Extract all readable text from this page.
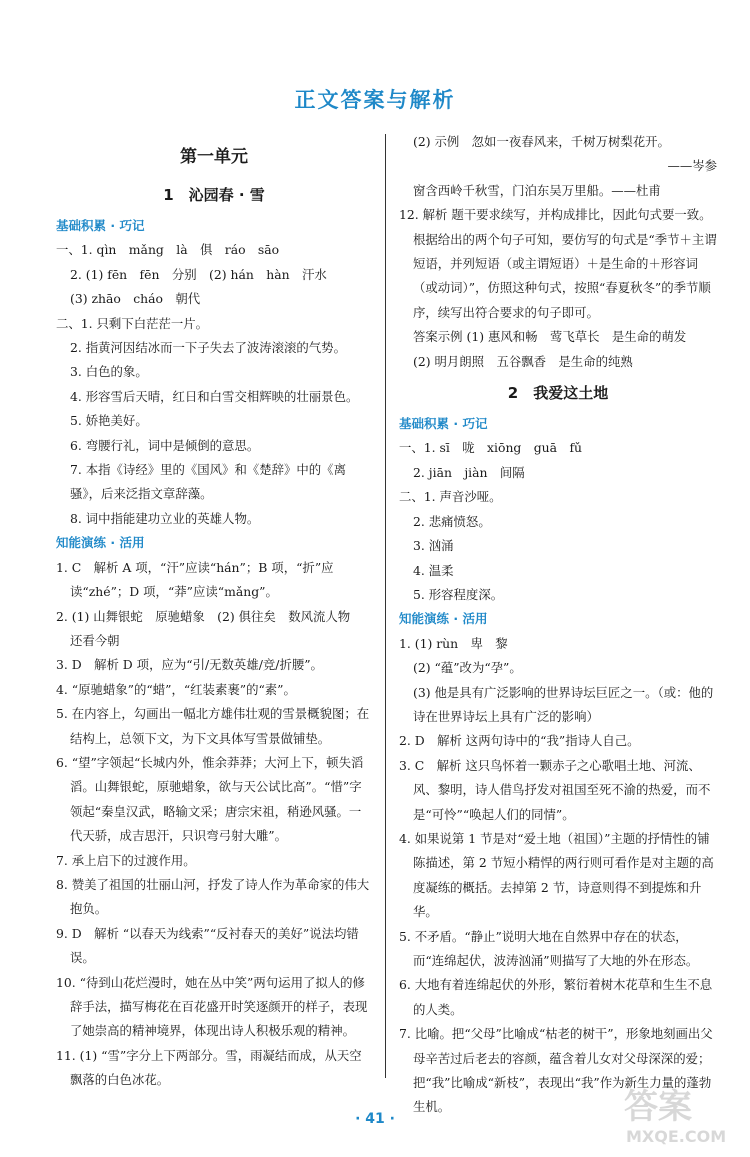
正文答案与解析
第一单元
1　沁园春 · 雪
基础积累 · 巧记
一、1. qìn　mǎng　là　俱　ráo　sāo
2. (1) fēn　fēn　分别　(2) hán　hàn　汗水
(3) zhāo　cháo　朝代
二、1. 只剩下白茫茫一片。
2. 指黄河因结冰而一下子失去了波涛滚滚的气势。
3. 白色的象。
4. 形容雪后天晴，红日和白雪交相辉映的壮丽景色。
5. 娇艳美好。
6. 弯腰行礼，词中是倾倒的意思。
7. 本指《诗经》里的《国风》和《楚辞》中的《离骚》，后来泛指文章辞藻。
8. 词中指能建功立业的英雄人物。
知能演练 · 活用
1. C　解析 A 项，“汗”应读“hán”；B 项，“折”应读“zhé”；D 项，“莽”应读“mǎng”。
2. (1) 山舞银蛇　原驰蜡象　(2) 俱往矣　数风流人物　还看今朝
3. D　解析 D 项，应为“引/无数英雄/竞/折腰”。
4. “原驰蜡象”的“蜡”，“红装素裹”的“素”。
5. 在内容上，勾画出一幅北方雄伟壮观的雪景概貌图；在结构上，总领下文，为下文具体写雪景做铺垫。
6. “望”字领起“长城内外，惟余莽莽；大河上下，顿失滔滔。山舞银蛇，原驰蜡象，欲与天公试比高”。“惜”字领起“秦皇汉武，略输文采；唐宗宋祖，稍逊风骚。一代天骄，成吉思汗，只识弯弓射大雕”。
7. 承上启下的过渡作用。
8. 赞美了祖国的壮丽山河，抒发了诗人作为革命家的伟大抱负。
9. D　解析 “以春天为线索”“反衬春天的美好”说法均错误。
10. “待到山花烂漫时，她在丛中笑”两句运用了拟人的修辞手法，描写梅花在百花盛开时笑逐颜开的样子，表现了她崇高的精神境界，体现出诗人积极乐观的精神。
11. (1) “雪”字分上下两部分。雪，雨凝结而成，从天空飘落的白色冰花。
(2) 示例　忽如一夜春风来，千树万树梨花开。
——岑参
窗含西岭千秋雪，门泊东吴万里船。——杜甫
12. 解析 题干要求续写，并构成排比，因此句式要一致。根据给出的两个句子可知，要仿写的句式是“季节＋主谓短语，并列短语（或主谓短语）＋是生命的＋形容词（或动词）”，仿照这种句式，按照“春夏秋冬”的季节顺序，续写出符合要求的句子即可。
答案示例 (1) 惠风和畅　莺飞草长　是生命的萌发
(2) 明月朗照　五谷飘香　是生命的纯熟
2　我爱这土地
基础积累 · 巧记
一、1. sī　咙　xiōng　guā　fǔ
2. jiān　jiàn　间隔
二、1. 声音沙哑。
2. 悲痛愤怒。
3. 汹涌
4. 温柔
5. 形容程度深。
知能演练 · 活用
1. (1) rùn　卑　黎
(2) “蕴”改为“孕”。
(3) 他是具有广泛影响的世界诗坛巨匠之一。（或：他的诗在世界诗坛上具有广泛的影响）
2. D　解析 这两句诗中的“我”指诗人自己。
3. C　解析 这只鸟怀着一颗赤子之心歌唱土地、河流、风、黎明，诗人借鸟抒发对祖国至死不渝的热爱，而不是“可怜”“唤起人们的同情”。
4. 如果说第 1 节是对“爱土地（祖国）”主题的抒情性的铺陈描述，第 2 节短小精悍的两行则可看作是对主题的高度凝练的概括。去掉第 2 节，诗意则得不到提炼和升华。
5. 不矛盾。“静止”说明大地在自然界中存在的状态，而“连绵起伏，波涛汹涌”则描写了大地的外在形态。
6. 大地有着连绵起伏的外形，繁衍着树木花草和生生不息的人类。
7. 比喻。把“父母”比喻成“枯老的树干”，形象地刻画出父母辛苦过后老去的容颜，蕴含着儿女对父母深深的爱；把“我”比喻成“新枝”，表现出“我”作为新生力量的蓬勃生机。
· 41 ·	答案
MXQE.COM
